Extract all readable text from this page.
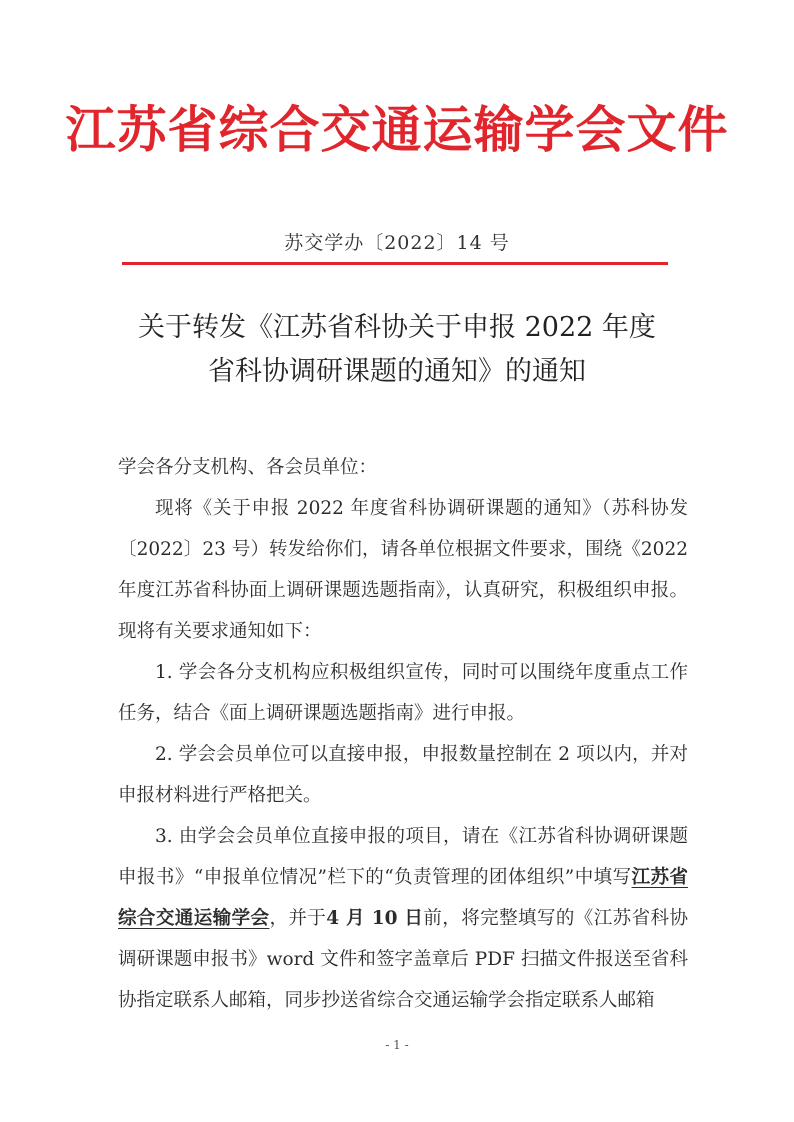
江苏省综合交通运输学会文件
苏交学办〔2022〕14 号
关于转发《江苏省科协关于申报 2022 年度
省科协调研课题的通知》的通知
学会各分支机构、各会员单位：
现将《关于申报 2022 年度省科协调研课题的通知》（苏科协发〔2022〕23 号）转发给你们，请各单位根据文件要求，围绕《2022 年度江苏省科协面上调研课题选题指南》，认真研究，积极组织申报。现将有关要求通知如下：
1. 学会各分支机构应积极组织宣传，同时可以围绕年度重点工作任务，结合《面上调研课题选题指南》进行申报。
2. 学会会员单位可以直接申报，申报数量控制在 2 项以内，并对申报材料进行严格把关。
3. 由学会会员单位直接申报的项目，请在《江苏省科协调研课题申报书》“申报单位情况”栏下的“负责管理的团体组织”中填写江苏省综合交通运输学会，并于4 月 10 日前，将完整填写的《江苏省科协调研课题申报书》word 文件和签字盖章后 PDF 扫描文件报送至省科协指定联系人邮箱，同步抄送省综合交通运输学会指定联系人邮箱
- 1 -
